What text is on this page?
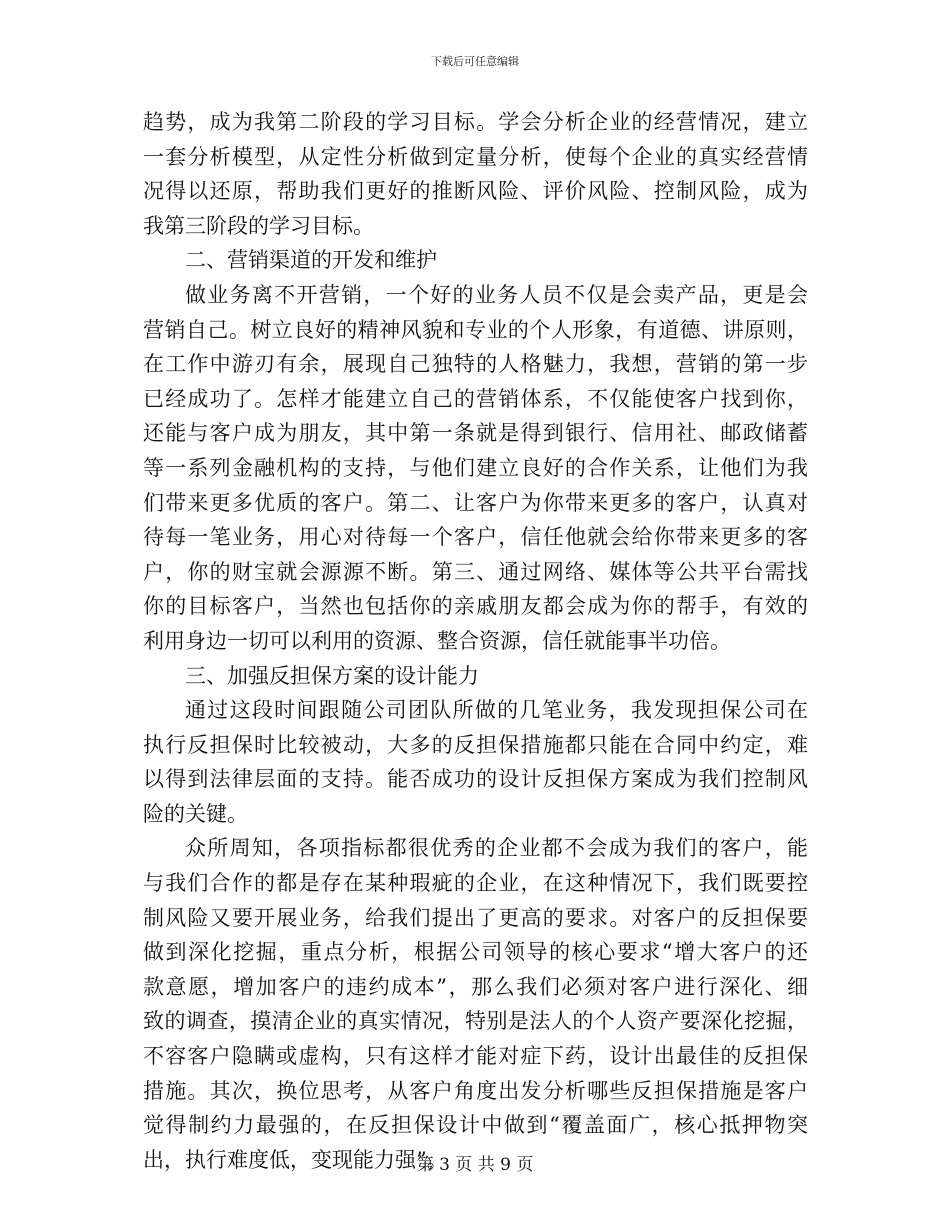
下载后可任意编辑
趋势，成为我第二阶段的学习目标。学会分析企业的经营情况，建立
一套分析模型，从定性分析做到定量分析，使每个企业的真实经营情
况得以还原，帮助我们更好的推断风险、评价风险、控制风险，成为
我第三阶段的学习目标。
二、营销渠道的开发和维护
做业务离不开营销，一个好的业务人员不仅是会卖产品，更是会
营销自己。树立良好的精神风貌和专业的个人形象，有道德、讲原则，
在工作中游刃有余，展现自己独特的人格魅力，我想，营销的第一步
已经成功了。怎样才能建立自己的营销体系，不仅能使客户找到你，
还能与客户成为朋友，其中第一条就是得到银行、信用社、邮政储蓄
等一系列金融机构的支持，与他们建立良好的合作关系，让他们为我
们带来更多优质的客户。第二、让客户为你带来更多的客户，认真对
待每一笔业务，用心对待每一个客户，信任他就会给你带来更多的客
户，你的财宝就会源源不断。第三、通过网络、媒体等公共平台需找
你的目标客户，当然也包括你的亲戚朋友都会成为你的帮手，有效的
利用身边一切可以利用的资源、整合资源，信任就能事半功倍。
三、加强反担保方案的设计能力
通过这段时间跟随公司团队所做的几笔业务，我发现担保公司在
执行反担保时比较被动，大多的反担保措施都只能在合同中约定，难
以得到法律层面的支持。能否成功的设计反担保方案成为我们控制风
险的关键。
众所周知，各项指标都很优秀的企业都不会成为我们的客户，能
与我们合作的都是存在某种瑕疵的企业，在这种情况下，我们既要控
制风险又要开展业务，给我们提出了更高的要求。对客户的反担保要
做到深化挖掘，重点分析，根据公司领导的核心要求“增大客户的还
款意愿，增加客户的违约成本”，那么我们必须对客户进行深化、细
致的调查，摸清企业的真实情况，特别是法人的个人资产要深化挖掘，
不容客户隐瞒或虚构，只有这样才能对症下药，设计出最佳的反担保
措施。其次，换位思考，从客户角度出发分析哪些反担保措施是客户
觉得制约力最强的，在反担保设计中做到“覆盖面广，核心抵押物突
出，执行难度低，变现能力强”。
第 3 页 共 9 页
